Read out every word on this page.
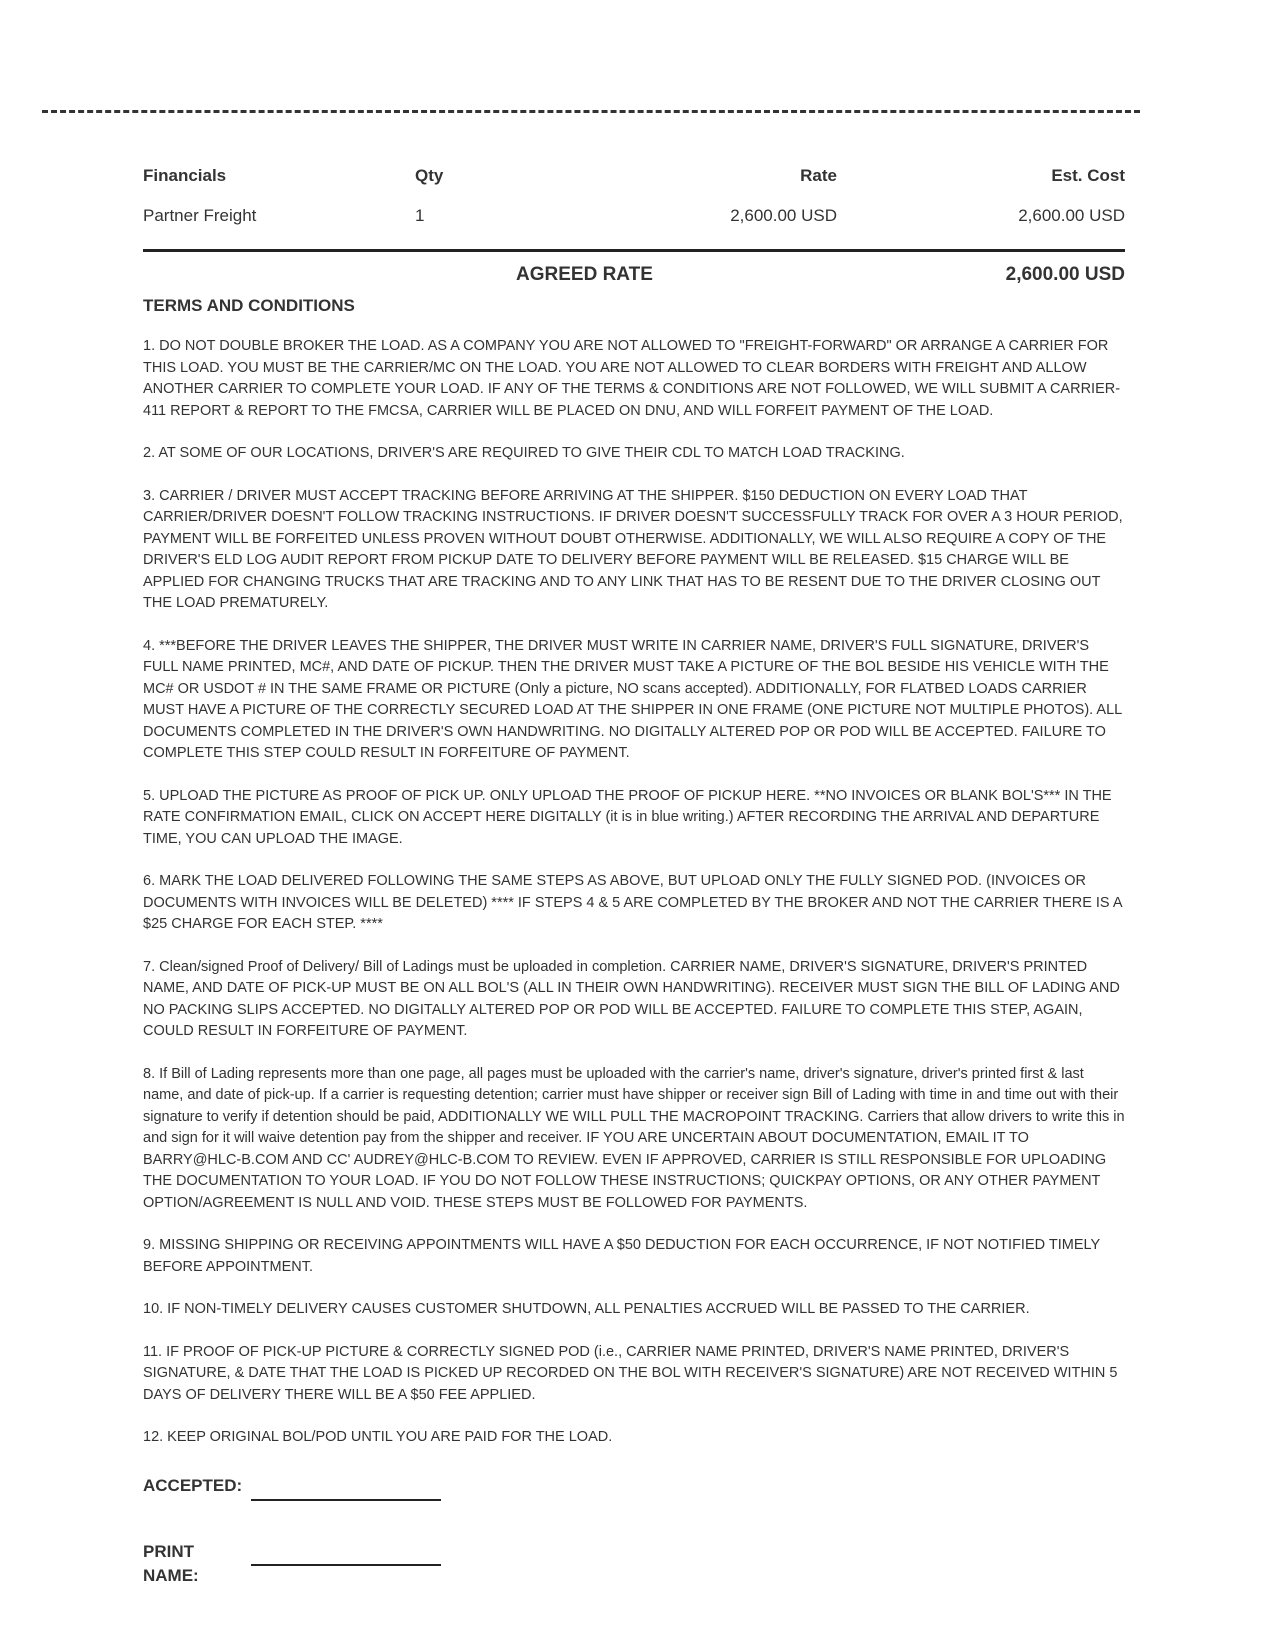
Financials	Qty	Rate	Est. Cost
Partner Freight	1	2,600.00 USD	2,600.00 USD
AGREED RATE	2,600.00 USD
TERMS AND CONDITIONS

1. DO NOT DOUBLE BROKER THE LOAD. AS A COMPANY YOU ARE NOT ALLOWED TO "FREIGHT-FORWARD" OR ARRANGE A CARRIER FOR THIS LOAD. YOU MUST BE THE CARRIER/MC ON THE LOAD. YOU ARE NOT ALLOWED TO CLEAR BORDERS WITH FREIGHT AND ALLOW ANOTHER CARRIER TO COMPLETE YOUR LOAD. IF ANY OF THE TERMS & CONDITIONS ARE NOT FOLLOWED, WE WILL SUBMIT A CARRIER-411 REPORT & REPORT TO THE FMCSA, CARRIER WILL BE PLACED ON DNU, AND WILL FORFEIT PAYMENT OF THE LOAD.

2. AT SOME OF OUR LOCATIONS, DRIVER'S ARE REQUIRED TO GIVE THEIR CDL TO MATCH LOAD TRACKING.

3. CARRIER / DRIVER MUST ACCEPT TRACKING BEFORE ARRIVING AT THE SHIPPER. $150 DEDUCTION ON EVERY LOAD THAT CARRIER/DRIVER DOESN'T FOLLOW TRACKING INSTRUCTIONS. IF DRIVER DOESN'T SUCCESSFULLY TRACK FOR OVER A 3 HOUR PERIOD, PAYMENT WILL BE FORFEITED UNLESS PROVEN WITHOUT DOUBT OTHERWISE. ADDITIONALLY, WE WILL ALSO REQUIRE A COPY OF THE DRIVER'S ELD LOG AUDIT REPORT FROM PICKUP DATE TO DELIVERY BEFORE PAYMENT WILL BE RELEASED. $15 CHARGE WILL BE APPLIED FOR CHANGING TRUCKS THAT ARE TRACKING AND TO ANY LINK THAT HAS TO BE RESENT DUE TO THE DRIVER CLOSING OUT THE LOAD PREMATURELY.

4. ***BEFORE THE DRIVER LEAVES THE SHIPPER, THE DRIVER MUST WRITE IN CARRIER NAME, DRIVER'S FULL SIGNATURE, DRIVER'S FULL NAME PRINTED, MC#, AND DATE OF PICKUP. THEN THE DRIVER MUST TAKE A PICTURE OF THE BOL BESIDE HIS VEHICLE WITH THE MC# OR USDOT # IN THE SAME FRAME OR PICTURE (Only a picture, NO scans accepted). ADDITIONALLY, FOR FLATBED LOADS CARRIER MUST HAVE A PICTURE OF THE CORRECTLY SECURED LOAD AT THE SHIPPER IN ONE FRAME (ONE PICTURE NOT MULTIPLE PHOTOS). ALL DOCUMENTS COMPLETED IN THE DRIVER'S OWN HANDWRITING. NO DIGITALLY ALTERED POP OR POD WILL BE ACCEPTED. FAILURE TO COMPLETE THIS STEP COULD RESULT IN FORFEITURE OF PAYMENT.

5. UPLOAD THE PICTURE AS PROOF OF PICK UP. ONLY UPLOAD THE PROOF OF PICKUP HERE. **NO INVOICES OR BLANK BOL'S*** IN THE RATE CONFIRMATION EMAIL, CLICK ON ACCEPT HERE DIGITALLY (it is in blue writing.) AFTER RECORDING THE ARRIVAL AND DEPARTURE TIME, YOU CAN UPLOAD THE IMAGE.

6. MARK THE LOAD DELIVERED FOLLOWING THE SAME STEPS AS ABOVE, BUT UPLOAD ONLY THE FULLY SIGNED POD. (INVOICES OR DOCUMENTS WITH INVOICES WILL BE DELETED) **** IF STEPS 4 & 5 ARE COMPLETED BY THE BROKER AND NOT THE CARRIER THERE IS A $25 CHARGE FOR EACH STEP. ****

7. Clean/signed Proof of Delivery/ Bill of Ladings must be uploaded in completion. CARRIER NAME, DRIVER'S SIGNATURE, DRIVER'S PRINTED NAME, AND DATE OF PICK-UP MUST BE ON ALL BOL'S (ALL IN THEIR OWN HANDWRITING). RECEIVER MUST SIGN THE BILL OF LADING AND NO PACKING SLIPS ACCEPTED. NO DIGITALLY ALTERED POP OR POD WILL BE ACCEPTED. FAILURE TO COMPLETE THIS STEP, AGAIN, COULD RESULT IN FORFEITURE OF PAYMENT.

8. If Bill of Lading represents more than one page, all pages must be uploaded with the carrier's name, driver's signature, driver's printed first & last name, and date of pick-up. If a carrier is requesting detention; carrier must have shipper or receiver sign Bill of Lading with time in and time out with their signature to verify if detention should be paid, ADDITIONALLY WE WILL PULL THE MACROPOINT TRACKING. Carriers that allow drivers to write this in and sign for it will waive detention pay from the shipper and receiver. IF YOU ARE UNCERTAIN ABOUT DOCUMENTATION, EMAIL IT TO BARRY@HLC-B.COM AND CC' AUDREY@HLC-B.COM TO REVIEW. EVEN IF APPROVED, CARRIER IS STILL RESPONSIBLE FOR UPLOADING THE DOCUMENTATION TO YOUR LOAD. IF YOU DO NOT FOLLOW THESE INSTRUCTIONS; QUICKPAY OPTIONS, OR ANY OTHER PAYMENT OPTION/AGREEMENT IS NULL AND VOID. THESE STEPS MUST BE FOLLOWED FOR PAYMENTS.

9. MISSING SHIPPING OR RECEIVING APPOINTMENTS WILL HAVE A $50 DEDUCTION FOR EACH OCCURRENCE, IF NOT NOTIFIED TIMELY BEFORE APPOINTMENT.

10. IF NON-TIMELY DELIVERY CAUSES CUSTOMER SHUTDOWN, ALL PENALTIES ACCRUED WILL BE PASSED TO THE CARRIER.

11. IF PROOF OF PICK-UP PICTURE & CORRECTLY SIGNED POD (i.e., CARRIER NAME PRINTED, DRIVER'S NAME PRINTED, DRIVER'S SIGNATURE, & DATE THAT THE LOAD IS PICKED UP RECORDED ON THE BOL WITH RECEIVER'S SIGNATURE) ARE NOT RECEIVED WITHIN 5 DAYS OF DELIVERY THERE WILL BE A $50 FEE APPLIED.

12. KEEP ORIGINAL BOL/POD UNTIL YOU ARE PAID FOR THE LOAD.

ACCEPTED:
PRINT
NAME:
